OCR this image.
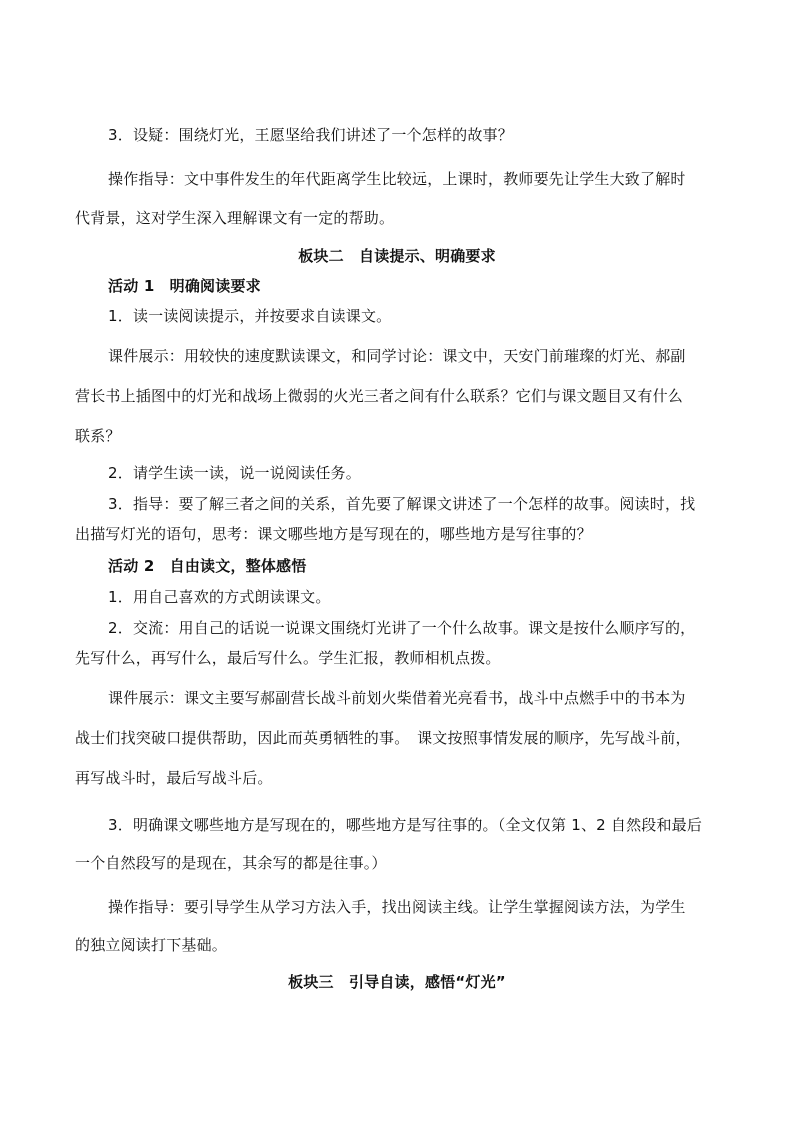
3．设疑：围绕灯光，王愿坚给我们讲述了一个怎样的故事？
操作指导：文中事件发生的年代距离学生比较远，上课时，教师要先让学生大致了解时
代背景，这对学生深入理解课文有一定的帮助。
板块二　自读提示、明确要求
活动 1　明确阅读要求
1．读一读阅读提示，并按要求自读课文。
课件展示：用较快的速度默读课文，和同学讨论：课文中，天安门前璀璨的灯光、郝副
营长书上插图中的灯光和战场上微弱的火光三者之间有什么联系？它们与课文题目又有什么
联系？
2．请学生读一读，说一说阅读任务。
3．指导：要了解三者之间的关系，首先要了解课文讲述了一个怎样的故事。阅读时，找
出描写灯光的语句，思考：课文哪些地方是写现在的，哪些地方是写往事的？
活动 2　自由读文，整体感悟
1．用自己喜欢的方式朗读课文。
2．交流：用自己的话说一说课文围绕灯光讲了一个什么故事。课文是按什么顺序写的，
先写什么，再写什么，最后写什么。学生汇报，教师相机点拨。
课件展示：课文主要写郝副营长战斗前划火柴借着光亮看书，战斗中点燃手中的书本为
战士们找突破口提供帮助，因此而英勇牺牲的事。　课文按照事情发展的顺序，先写战斗前，
再写战斗时，最后写战斗后。
3．明确课文哪些地方是写现在的，哪些地方是写往事的。（全文仅第 1、2 自然段和最后
一个自然段写的是现在，其余写的都是往事。）
操作指导：要引导学生从学习方法入手，找出阅读主线。让学生掌握阅读方法，为学生
的独立阅读打下基础。
板块三　引导自读，感悟“灯光”
